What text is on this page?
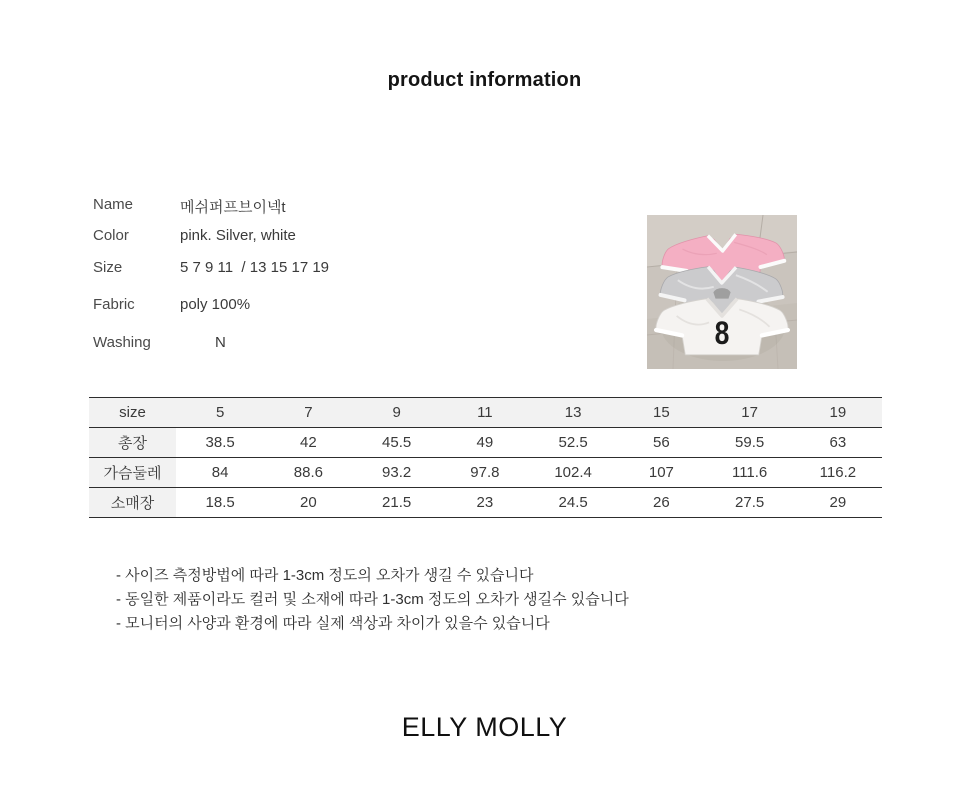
product information
Name	메쉬퍼프브이넥t
Color	pink. Silver, white
Size	5 7 9 11  / 13 15 17 19
Fabric	poly 100%
Washing	N	8
size	5	7	9	11	13	15	17	19
총장	38.5	42	45.5	49	52.5	56	59.5	63
가슴둘레	84	88.6	93.2	97.8	102.4	107	111.6	116.2
소매장	18.5	20	21.5	23	24.5	26	27.5	29
- 사이즈 측정방법에 따라 1-3cm 정도의 오차가 생길 수 있습니다
- 동일한 제품이라도 컬러 및 소재에 따라 1-3cm 정도의 오차가 생길수 있습니다
- 모니터의 사양과 환경에 따라 실제 색상과 차이가 있을수 있습니다
ELLY MOLLY
